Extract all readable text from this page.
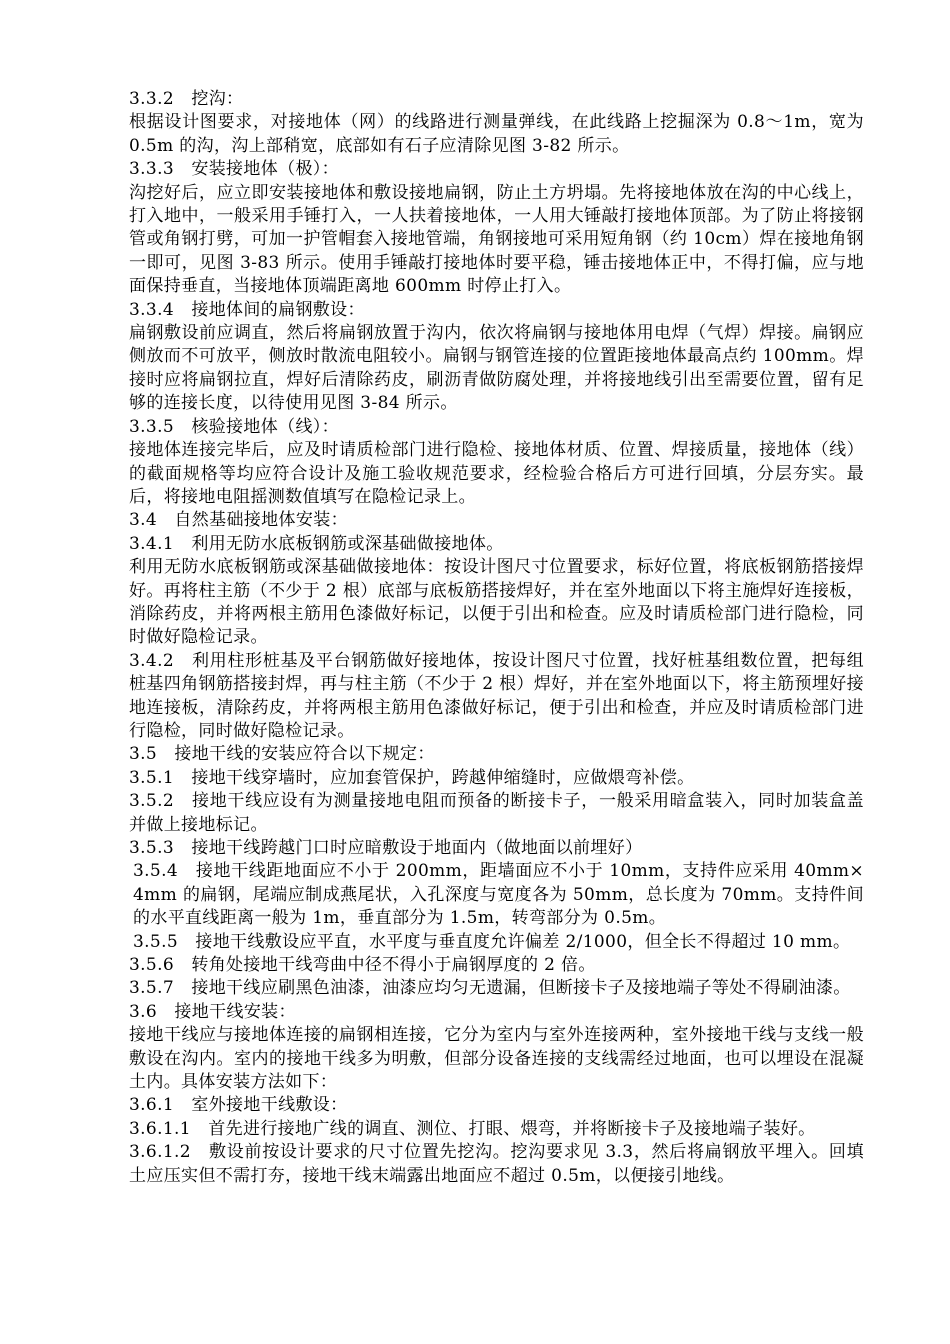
3.3.2　挖沟：

根据设计图要求，对接地体（网）的线路进行测量弹线，在此线路上挖掘深为 0.8～1m，宽为 0.5m 的沟，沟上部稍宽，底部如有石子应清除见图 3-82 所示。

3.3.3　安装接地体（极）：

沟挖好后，应立即安装接地体和敷设接地扁钢，防止土方坍塌。先将接地体放在沟的中心线上，打入地中，一般采用手锤打入，一人扶着接地体，一人用大锤敲打接地体顶部。为了防止将接钢管或角钢打劈，可加一护管帽套入接地管端，角钢接地可采用短角钢（约 10cm）焊在接地角钢一即可，见图 3-83 所示。使用手锤敲打接地体时要平稳，锤击接地体正中，不得打偏，应与地面保持垂直，当接地体顶端距离地 600mm 时停止打入。

3.3.4　接地体间的扁钢敷设：

扁钢敷设前应调直，然后将扁钢放置于沟内，依次将扁钢与接地体用电焊（气焊）焊接。扁钢应侧放而不可放平，侧放时散流电阻较小。扁钢与钢管连接的位置距接地体最高点约 100mm。焊接时应将扁钢拉直，焊好后清除药皮，刷沥青做防腐处理，并将接地线引出至需要位置，留有足够的连接长度，以待使用见图 3-84 所示。

3.3.5　核验接地体（线）：

接地体连接完毕后，应及时请质检部门进行隐检、接地体材质、位置、焊接质量，接地体（线）的截面规格等均应符合设计及施工验收规范要求，经检验合格后方可进行回填，分层夯实。最后，将接地电阻摇测数值填写在隐检记录上。

3.4　自然基础接地体安装：

3.4.1　利用无防水底板钢筋或深基础做接地体。

利用无防水底板钢筋或深基础做接地体：按设计图尺寸位置要求，标好位置，将底板钢筋搭接焊好。再将柱主筋（不少于 2 根）底部与底板筋搭接焊好，并在室外地面以下将主施焊好连接板，消除药皮，并将两根主筋用色漆做好标记，以便于引出和检查。应及时请质检部门进行隐检，同时做好隐检记录。

3.4.2　利用柱形桩基及平台钢筋做好接地体，按设计图尺寸位置，找好桩基组数位置，把每组桩基四角钢筋搭接封焊，再与柱主筋（不少于 2 根）焊好，并在室外地面以下，将主筋预埋好接地连接板，清除药皮，并将两根主筋用色漆做好标记，便于引出和检查，并应及时请质检部门进行隐检，同时做好隐检记录。

3.5　接地干线的安装应符合以下规定：

3.5.1　接地干线穿墙时，应加套管保护，跨越伸缩缝时，应做煨弯补偿。

3.5.2　接地干线应设有为测量接地电阻而预备的断接卡子，一般采用暗盒装入，同时加装盒盖并做上接地标记。

3.5.3　接地干线跨越门口时应暗敷设于地面内（做地面以前埋好）

3.5.4　接地干线距地面应不小于 200mm，距墙面应不小于 10mm，支持件应采用 40mm×4mm 的扁钢，尾端应制成燕尾状，入孔深度与宽度各为 50mm，总长度为 70mm。支持件间的水平直线距离一般为 1m，垂直部分为 1.5m，转弯部分为 0.5m。

3.5.5　接地干线敷设应平直，水平度与垂直度允许偏差 2/1000，但全长不得超过 10 mm。

3.5.6　转角处接地干线弯曲中径不得小于扁钢厚度的 2 倍。

3.5.7　接地干线应刷黑色油漆，油漆应均匀无遗漏，但断接卡子及接地端子等处不得刷油漆。

3.6　接地干线安装：

接地干线应与接地体连接的扁钢相连接，它分为室内与室外连接两种，室外接地干线与支线一般敷设在沟内。室内的接地干线多为明敷，但部分设备连接的支线需经过地面，也可以埋设在混凝土内。具体安装方法如下：

3.6.1　室外接地干线敷设：

3.6.1.1　首先进行接地广线的调直、测位、打眼、煨弯，并将断接卡子及接地端子装好。

3.6.1.2　敷设前按设计要求的尺寸位置先挖沟。挖沟要求见 3.3，然后将扁钢放平埋入。回填土应压实但不需打夯，接地干线末端露出地面应不超过 0.5m，以便接引地线。
